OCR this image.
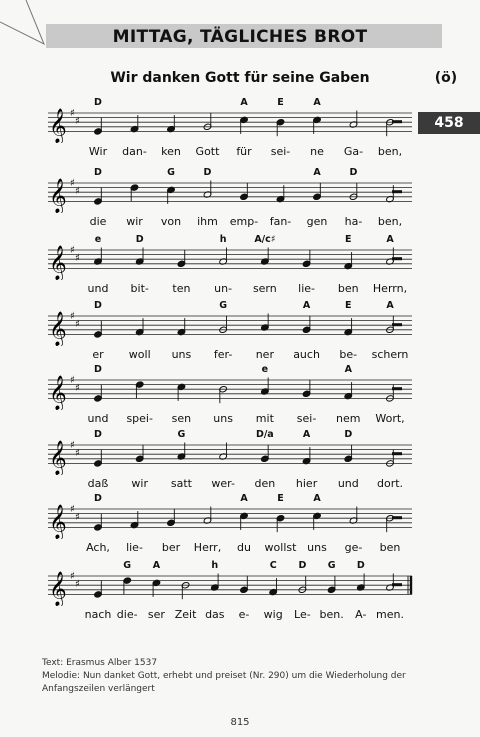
MITTAG, TÄGLICHES BROT
Wir danken Gott für seine Gaben	(ö)
458
𝄞 ♯
♯
D	A	E	A
Wir dan- ken Gott für sei- ne Ga- ben,
𝄞 ♯
♯
D	G	D	A	D
die wir von ihm emp- fan- gen ha- ben,
𝄞 ♯
♯
e	D	h	A/c♯	E	A
und bit- ten un- sern lie- ben Herrn,
𝄞 ♯
♯
D	G	A	E	A
er woll uns fer- ner auch be- schern
𝄞 ♯
♯
D	e	A
und spei- sen uns mit sei- nem Wort,
𝄞 ♯
♯
D	G	D/a	A	D
daß wir satt wer- den hier und dort.
𝄞 ♯
♯
D	A	E	A
Ach, lie- ber Herr, du wollst uns ge- ben
𝄞 ♯
♯
G A	h	C D G D
nach die- ser Zeit das e- wig Le- ben. A- men.
Text: Erasmus Alber 1537
Melodie: Nun danket Gott, erhebt und preiset (Nr. 290) um die Wiederholung der Anfangszeilen verlängert
815
